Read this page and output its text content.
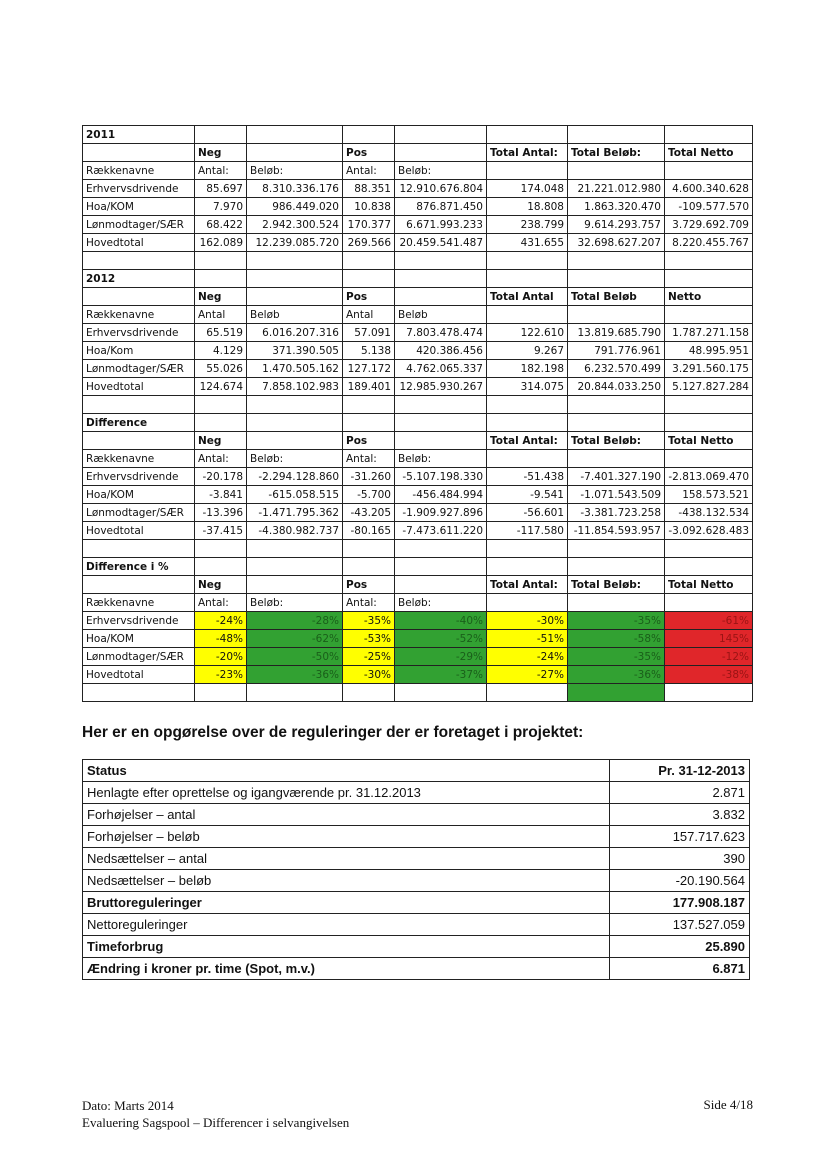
2011							
	Neg		Pos		Total Antal:	Total Beløb:	Total Netto
Rækkenavne	Antal:	Beløb:	Antal:	Beløb:			
Erhvervsdrivende	85.697	8.310.336.176	88.351	12.910.676.804	174.048	21.221.012.980	4.600.340.628
Hoa/KOM	7.970	986.449.020	10.838	876.871.450	18.808	1.863.320.470	-109.577.570
Lønmodtager/SÆR	68.422	2.942.300.524	170.377	6.671.993.233	238.799	9.614.293.757	3.729.692.709
Hovedtotal	162.089	12.239.085.720	269.566	20.459.541.487	431.655	32.698.627.207	8.220.455.767

2012							
	Neg		Pos		Total Antal	Total Beløb	Netto
Rækkenavne	Antal	Beløb	Antal	Beløb			
Erhvervsdrivende	65.519	6.016.207.316	57.091	7.803.478.474	122.610	13.819.685.790	1.787.271.158
Hoa/Kom	4.129	371.390.505	5.138	420.386.456	9.267	791.776.961	48.995.951
Lønmodtager/SÆR	55.026	1.470.505.162	127.172	4.762.065.337	182.198	6.232.570.499	3.291.560.175
Hovedtotal	124.674	7.858.102.983	189.401	12.985.930.267	314.075	20.844.033.250	5.127.827.284

Difference							
	Neg		Pos		Total Antal:	Total Beløb:	Total Netto
Rækkenavne	Antal:	Beløb:	Antal:	Beløb:			
Erhvervsdrivende	-20.178	-2.294.128.860	-31.260	-5.107.198.330	-51.438	-7.401.327.190	-2.813.069.470
Hoa/KOM	-3.841	-615.058.515	-5.700	-456.484.994	-9.541	-1.071.543.509	158.573.521
Lønmodtager/SÆR	-13.396	-1.471.795.362	-43.205	-1.909.927.896	-56.601	-3.381.723.258	-438.132.534
Hovedtotal	-37.415	-4.380.982.737	-80.165	-7.473.611.220	-117.580	-11.854.593.957	-3.092.628.483

Difference i %							
	Neg		Pos		Total Antal:	Total Beløb:	Total Netto
Rækkenavne	Antal:	Beløb:	Antal:	Beløb:			
Erhvervsdrivende	-24%	-28%	-35%	-40%	-30%	-35%	-61%
Hoa/KOM	-48%	-62%	-53%	-52%	-51%	-58%	145%
Lønmodtager/SÆR	-20%	-50%	-25%	-29%	-24%	-35%	-12%
Hovedtotal	-23%	-36%	-30%	-37%	-27%	-36%	-38%

Her er en opgørelse over de reguleringer der er foretaget i projektet:
Status	Pr. 31-12-2013
Henlagte efter oprettelse og igangværende pr. 31.12.2013	2.871
Forhøjelser – antal	3.832
Forhøjelser – beløb	157.717.623
Nedsættelser – antal	390
Nedsættelser – beløb	-20.190.564
Bruttoreguleringer	177.908.187
Nettoreguleringer	137.527.059
Timeforbrug	25.890
Ændring i kroner pr. time (Spot, m.v.)	6.871
Dato: Marts 2014
Evaluering Sagspool – Differencer i selvangivelsen
Side 4/18
